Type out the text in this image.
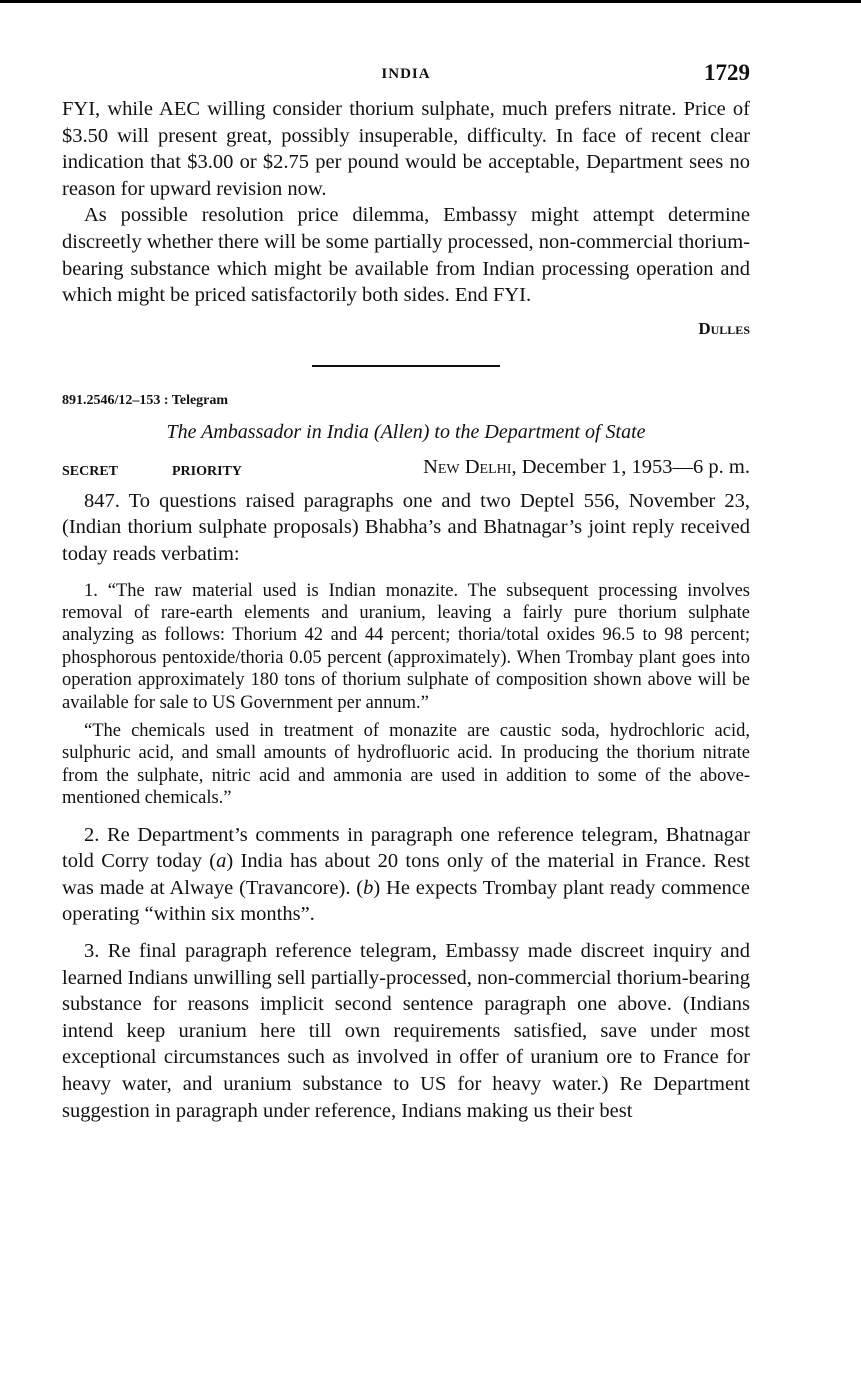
INDIA	1729

FYI, while AEC willing consider thorium sulphate, much prefers nitrate. Price of $3.50 will present great, possibly insuperable, difficulty. In face of recent clear indication that $3.00 or $2.75 per pound would be acceptable, Department sees no reason for upward revision now.

As possible resolution price dilemma, Embassy might attempt determine discreetly whether there will be some partially processed, non-commercial thorium-bearing substance which might be available from Indian processing operation and which might be priced satisfactorily both sides. End FYI.

Dulles
891.2546/12–153 : Telegram
The Ambassador in India (Allen) to the Department of State
SECRET	PRIORITY	New Delhi, December 1, 1953—6 p. m.

847. To questions raised paragraphs one and two Deptel 556, November 23, (Indian thorium sulphate proposals) Bhabha’s and Bhatnagar’s joint reply received today reads verbatim:

1. “The raw material used is Indian monazite. The subsequent processing involves removal of rare-earth elements and uranium, leaving a fairly pure thorium sulphate analyzing as follows: Thorium 42 and 44 percent; thoria/total oxides 96.5 to 98 percent; phosphorous pentoxide/thoria 0.05 percent (approximately). When Trombay plant goes into operation approximately 180 tons of thorium sulphate of composition shown above will be available for sale to US Government per annum.”

“The chemicals used in treatment of monazite are caustic soda, hydrochloric acid, sulphuric acid, and small amounts of hydrofluoric acid. In producing the thorium nitrate from the sulphate, nitric acid and ammonia are used in addition to some of the above-mentioned chemicals.”

2. Re Department’s comments in paragraph one reference telegram, Bhatnagar told Corry today (a) India has about 20 tons only of the material in France. Rest was made at Alwaye (Travancore). (b) He expects Trombay plant ready commence operating “within six months”.

3. Re final paragraph reference telegram, Embassy made discreet inquiry and learned Indians unwilling sell partially-processed, non-commercial thorium-bearing substance for reasons implicit second sentence paragraph one above. (Indians intend keep uranium here till own requirements satisfied, save under most exceptional circumstances such as involved in offer of uranium ore to France for heavy water, and uranium substance to US for heavy water.) Re Department suggestion in paragraph under reference, Indians making us their best
